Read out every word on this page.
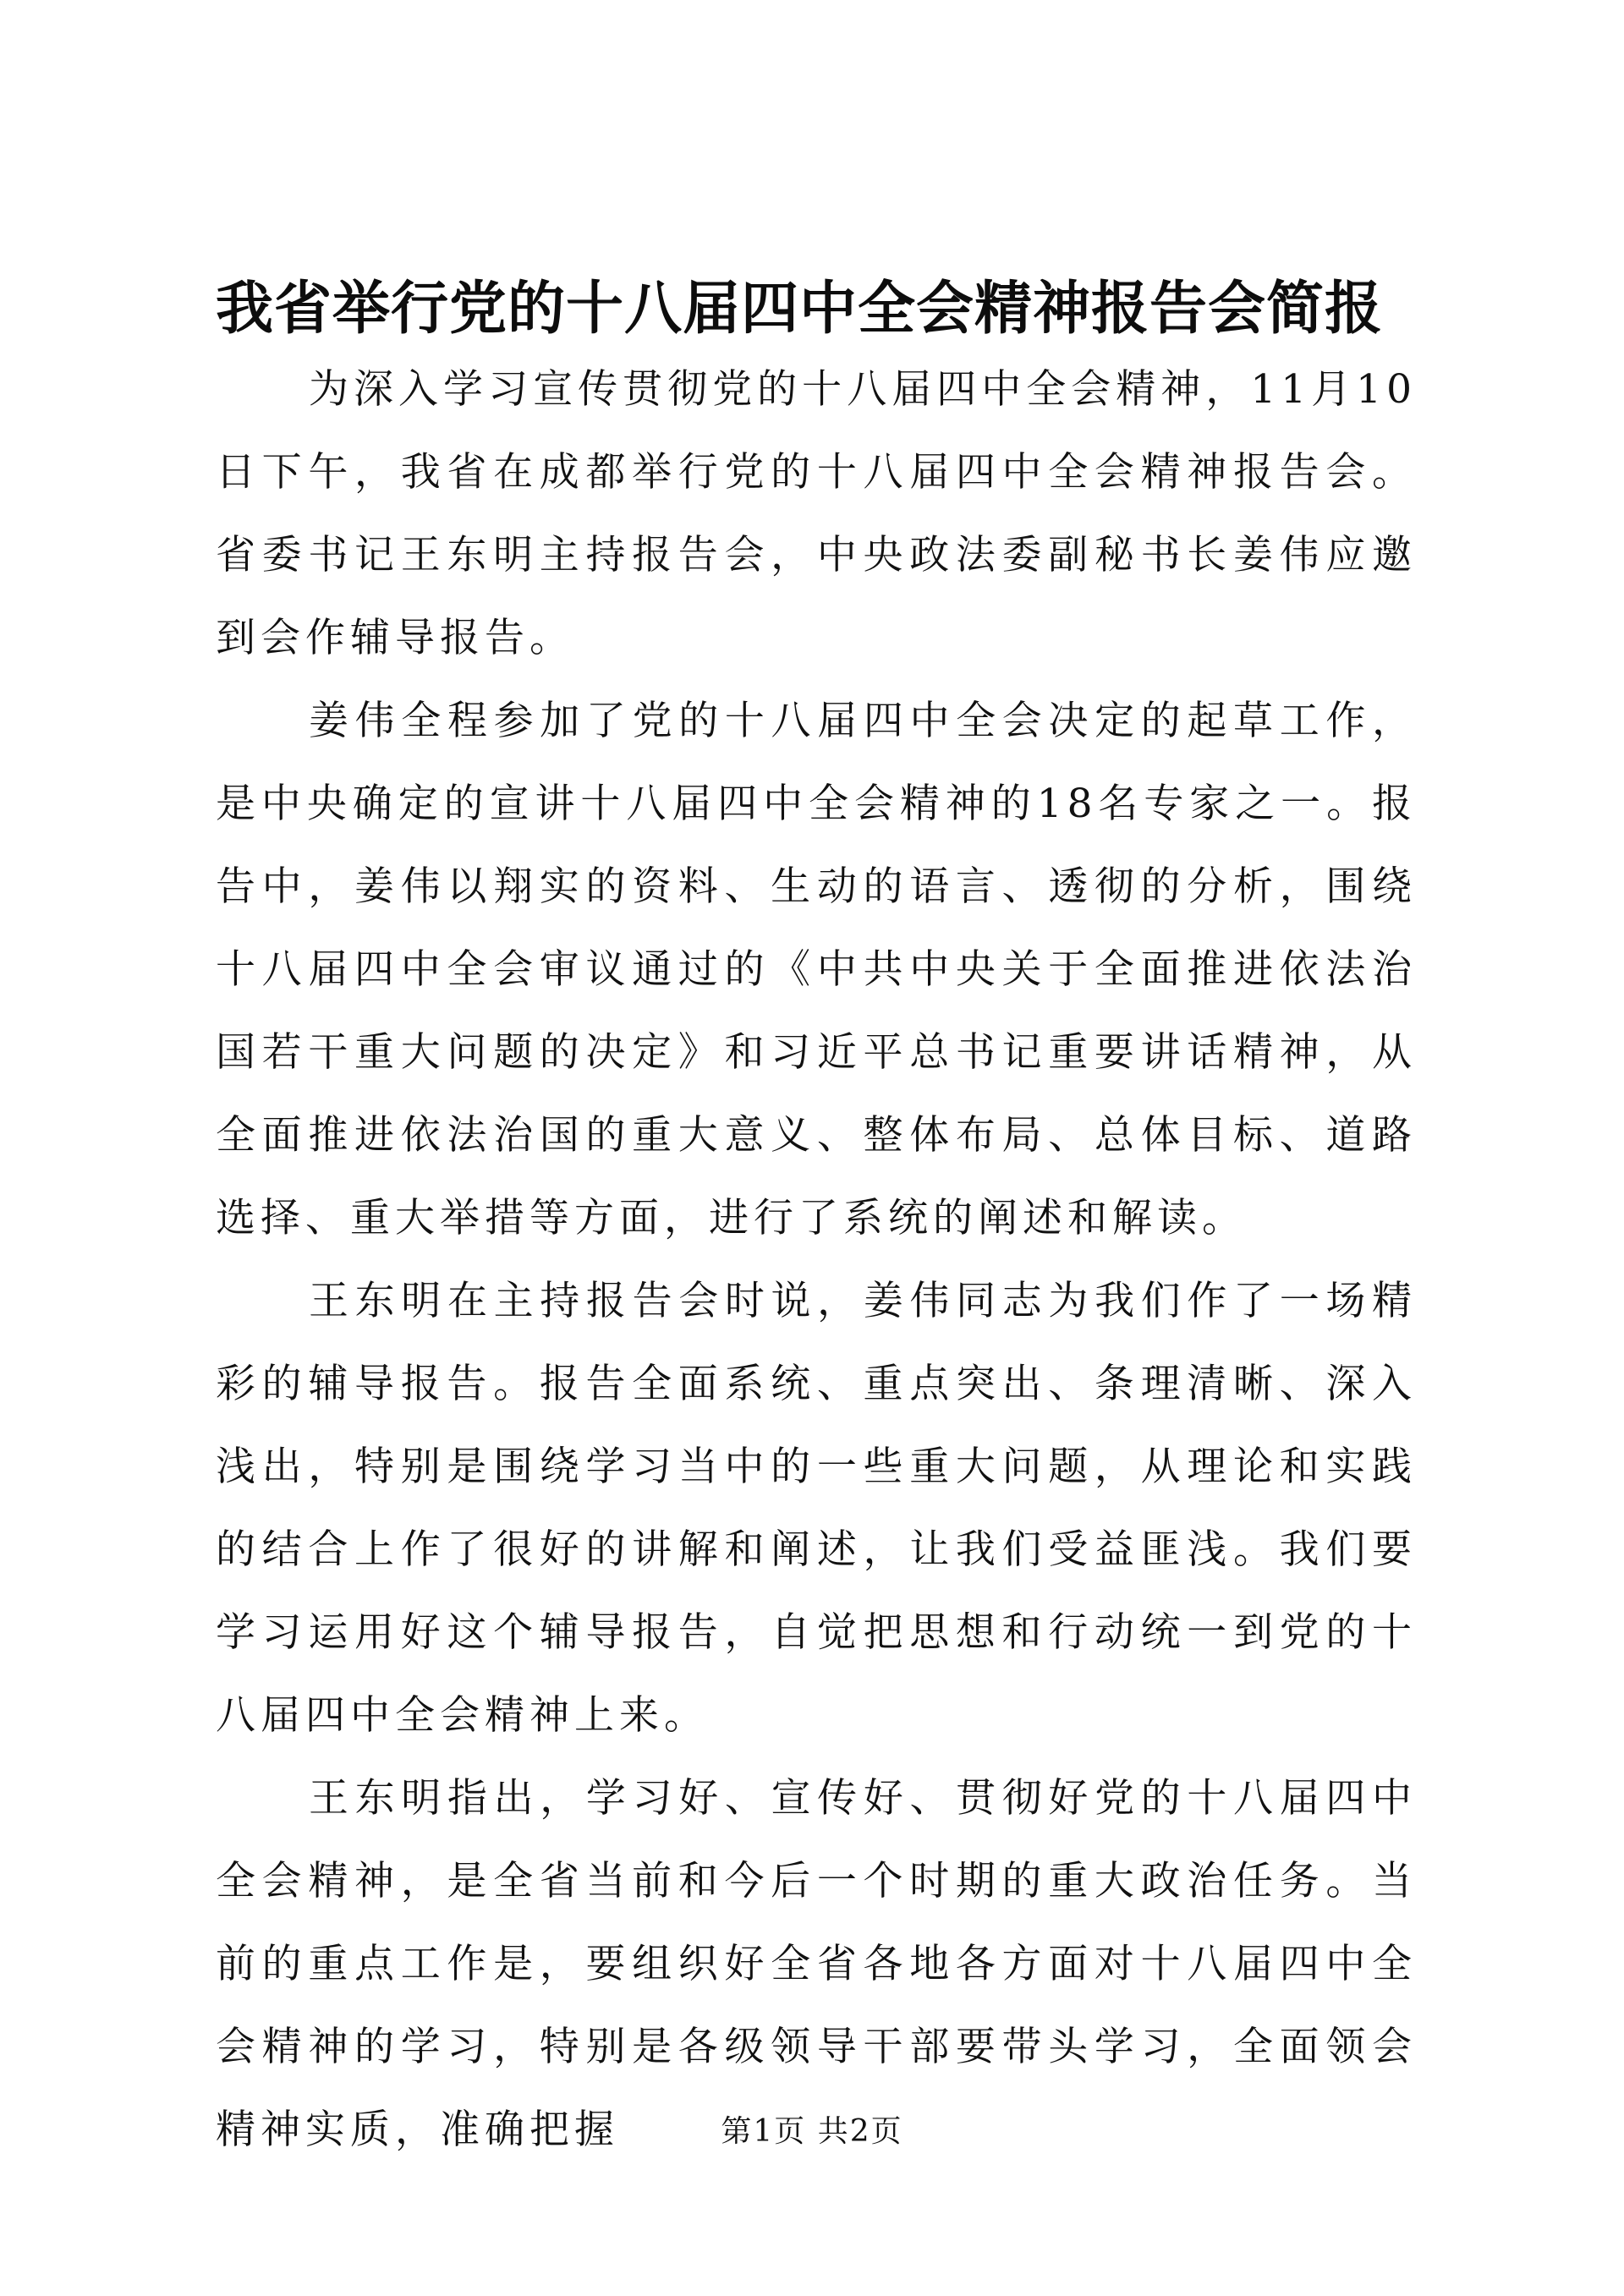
我省举行党的十八届四中全会精神报告会简报

为深入学习宣传贯彻党的十八届四中全会精神，11月10日下午，我省在成都举行党的十八届四中全会精神报告会。省委书记王东明主持报告会，中央政法委副秘书长姜伟应邀到会作辅导报告。

姜伟全程参加了党的十八届四中全会决定的起草工作，是中央确定的宣讲十八届四中全会精神的18名专家之一。报告中，姜伟以翔实的资料、生动的语言、透彻的分析，围绕十八届四中全会审议通过的《中共中央关于全面推进依法治国若干重大问题的决定》和习近平总书记重要讲话精神，从全面推进依法治国的重大意义、整体布局、总体目标、道路选择、重大举措等方面，进行了系统的阐述和解读。

王东明在主持报告会时说，姜伟同志为我们作了一场精彩的辅导报告。报告全面系统、重点突出、条理清晰、深入浅出，特别是围绕学习当中的一些重大问题，从理论和实践的结合上作了很好的讲解和阐述，让我们受益匪浅。我们要学习运用好这个辅导报告，自觉把思想和行动统一到党的十八届四中全会精神上来。

王东明指出，学习好、宣传好、贯彻好党的十八届四中全会精神，是全省当前和今后一个时期的重大政治任务。当前的重点工作是，要组织好全省各地各方面对十八届四中全会精神的学习，特别是各级领导干部要带头学习，全面领会精神实质，准确把握	第1页 共2页
